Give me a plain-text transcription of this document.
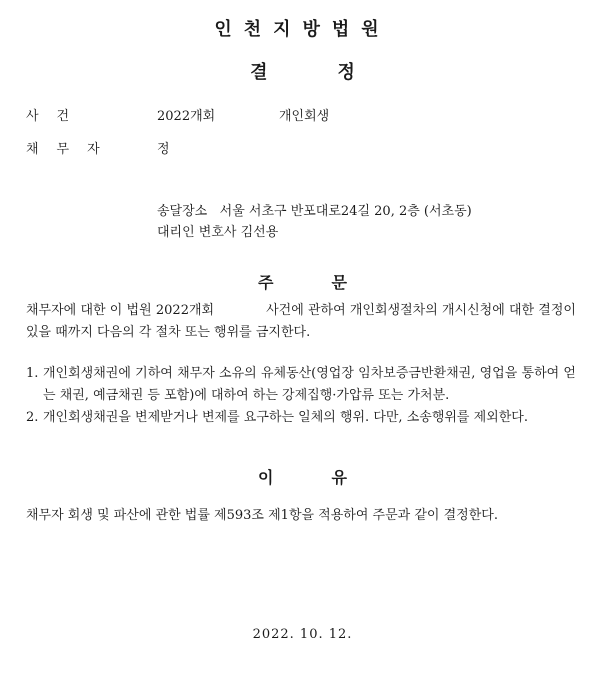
인천지방법원
결정
사건	2022개회	개인회생
채무자	정
송달장소 서울 서초구 반포대로24길 20, 2층 (서초동)
대리인 변호사 김선용
주문

채무자에 대한 이 법원 2022개회	사건에 관하여 개인회생절차의 개시신청에 대한 결정이 있을 때까지 다음의 각 절차 또는 행위를 금지한다.

1. 개인회생채권에 기하여 채무자 소유의 유체동산(영업장 임차보증금반환채권, 영업을 통하여 얻는 채권, 예금채권 등 포함)에 대하여 하는 강제집행·가압류 또는 가처분.
2. 개인회생채권을 변제받거나 변제를 요구하는 일체의 행위. 다만, 소송행위를 제외한다.
이유
채무자 회생 및 파산에 관한 법률 제593조 제1항을 적용하여 주문과 같이 결정한다.
2022. 10. 12.
